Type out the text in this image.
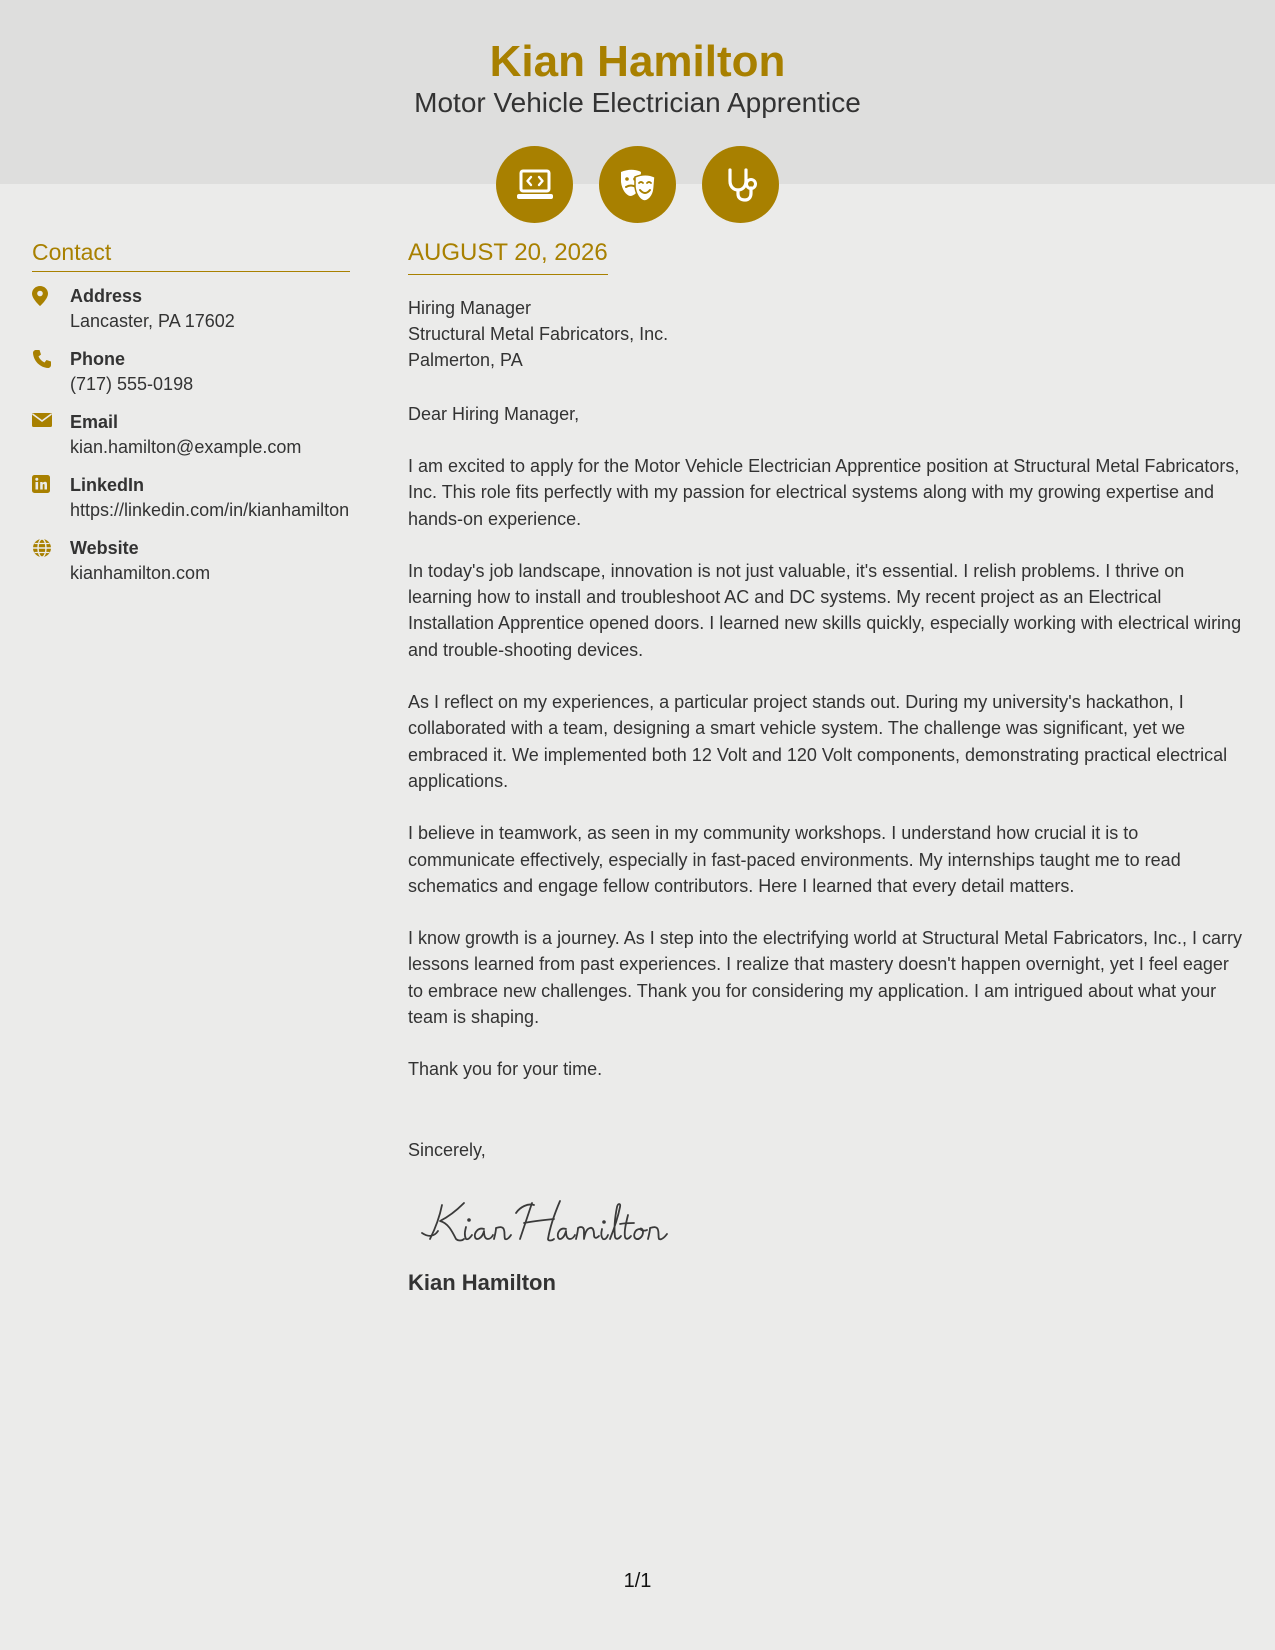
Kian Hamilton
Motor Vehicle Electrician Apprentice
Contact
Address
Lancaster, PA 17602
Phone
(717) 555-0198
Email
kian.hamilton@example.com
LinkedIn
https://linkedin.com/in/kianhamilton
Website
kianhamilton.com
AUGUST 20, 2026
Hiring Manager
Structural Metal Fabricators, Inc.
Palmerton, PA
Dear Hiring Manager,
I am excited to apply for the Motor Vehicle Electrician Apprentice position at Structural Metal Fabricators, Inc. This role fits perfectly with my passion for electrical systems along with my growing expertise and hands-on experience.
In today's job landscape, innovation is not just valuable, it's essential. I relish problems. I thrive on learning how to install and troubleshoot AC and DC systems. My recent project as an Electrical Installation Apprentice opened doors. I learned new skills quickly, especially working with electrical wiring and trouble-shooting devices.
As I reflect on my experiences, a particular project stands out. During my university's hackathon, I collaborated with a team, designing a smart vehicle system. The challenge was significant, yet we embraced it. We implemented both 12 Volt and 120 Volt components, demonstrating practical electrical applications.
I believe in teamwork, as seen in my community workshops. I understand how crucial it is to communicate effectively, especially in fast-paced environments. My internships taught me to read schematics and engage fellow contributors. Here I learned that every detail matters.
I know growth is a journey. As I step into the electrifying world at Structural Metal Fabricators, Inc., I carry lessons learned from past experiences. I realize that mastery doesn't happen overnight, yet I feel eager to embrace new challenges. Thank you for considering my application. I am intrigued about what your team is shaping.
Thank you for your time.
Sincerely,
Kian Hamilton
1/1
